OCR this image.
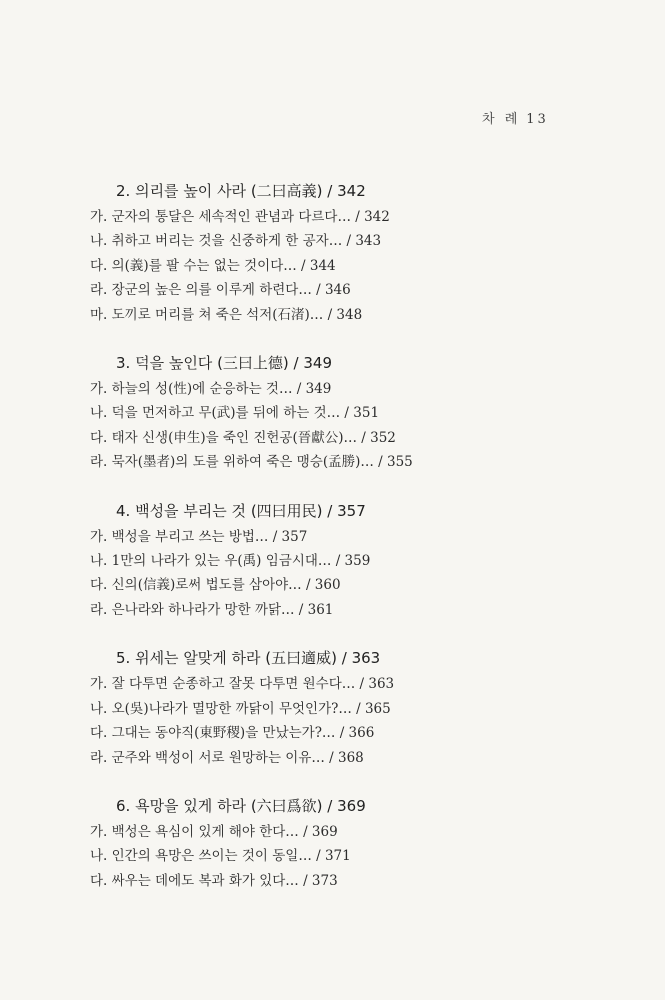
차 례 13
2. 의리를 높이 사라 (二曰高義) / 342
가. 군자의 통달은 세속적인 관념과 다르다… / 342
나. 취하고 버리는 것을 신중하게 한 공자… / 343
다. 의(義)를 팔 수는 없는 것이다… / 344
라. 장군의 높은 의를 이루게 하련다… / 346
마. 도끼로 머리를 쳐 죽은 석저(石渚)… / 348
3. 덕을 높인다 (三曰上德) / 349
가. 하늘의 성(性)에 순응하는 것… / 349
나. 덕을 먼저하고 무(武)를 뒤에 하는 것… / 351
다. 태자 신생(申生)을 죽인 진헌공(晉獻公)… / 352
라. 묵자(墨者)의 도를 위하여 죽은 맹승(孟勝)… / 355
4. 백성을 부리는 것 (四曰用民) / 357
가. 백성을 부리고 쓰는 방법… / 357
나. 1만의 나라가 있는 우(禹) 임금시대… / 359
다. 신의(信義)로써 법도를 삼아야… / 360
라. 은나라와 하나라가 망한 까닭… / 361
5. 위세는 알맞게 하라 (五曰適威) / 363
가. 잘 다투면 순종하고 잘못 다투면 원수다… / 363
나. 오(吳)나라가 멸망한 까닭이 무엇인가?… / 365
다. 그대는 동야직(東野稷)을 만났는가?… / 366
라. 군주와 백성이 서로 원망하는 이유… / 368
6. 욕망을 있게 하라 (六曰爲欲) / 369
가. 백성은 욕심이 있게 해야 한다… / 369
나. 인간의 욕망은 쓰이는 것이 동일… / 371
다. 싸우는 데에도 복과 화가 있다… / 373
